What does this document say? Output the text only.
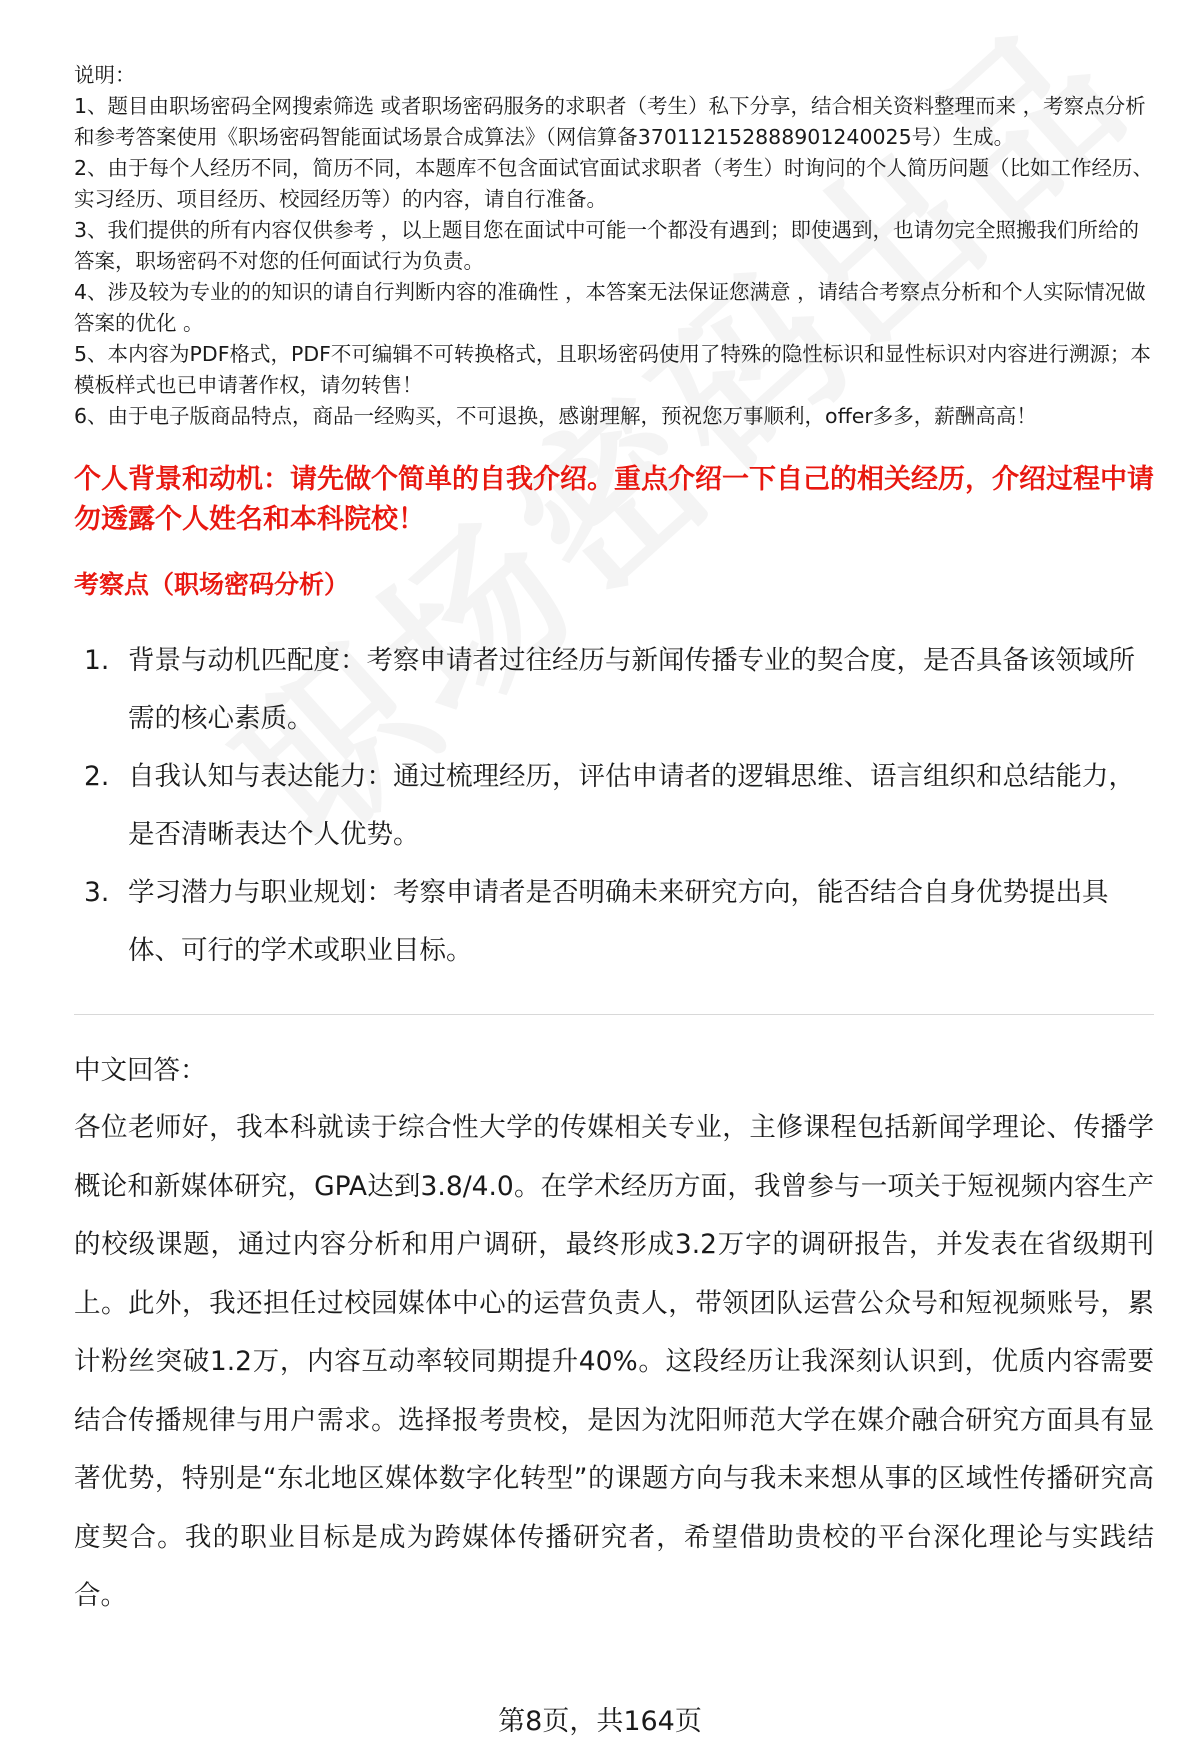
说明：

1、题目由职场密码全网搜索筛选 或者职场密码服务的求职者（考生）私下分享，结合相关资料整理而来 ，考察点分析和参考答案使用《职场密码智能面试场景合成算法》（网信算备370112152888901240025号）生成。

2、由于每个人经历不同，简历不同，本题库不包含面试官面试求职者（考生）时询问的个人简历问题（比如工作经历、实习经历、项目经历、校园经历等）的内容，请自行准备。

3、我们提供的所有内容仅供参考 ，以上题目您在面试中可能一个都没有遇到；即使遇到，也请勿完全照搬我们所给的答案，职场密码不对您的任何面试行为负责。

4、涉及较为专业的的知识的请自行判断内容的准确性 ，本答案无法保证您满意 ，请结合考察点分析和个人实际情况做答案的优化 。

5、本内容为PDF格式，PDF不可编辑不可转换格式，且职场密码使用了特殊的隐性标识和显性标识对内容进行溯源；本模板样式也已申请著作权，请勿转售！

6、由于电子版商品特点，商品一经购买，不可退换，感谢理解，预祝您万事顺利，offer多多，薪酬高高！

个人背景和动机：请先做个简单的自我介绍。重点介绍一下自己的相关经历，介绍过程中请勿透露个人姓名和本科院校！
考察点（职场密码分析）
1. 背景与动机匹配度：考察申请者过往经历与新闻传播专业的契合度，是否具备该领域所需的核心素质。
2. 自我认知与表达能力：通过梳理经历，评估申请者的逻辑思维、语言组织和总结能力，是否清晰表达个人优势。
3. 学习潜力与职业规划：考察申请者是否明确未来研究方向，能否结合自身优势提出具体、可行的学术或职业目标。
中文回答：
各位老师好，我本科就读于综合性大学的传媒相关专业，主修课程包括新闻学理论、传播学概论和新媒体研究，GPA达到3.8/4.0。在学术经历方面，我曾参与一项关于短视频内容生产的校级课题，通过内容分析和用户调研，最终形成3.2万字的调研报告，并发表在省级期刊上。此外，我还担任过校园媒体中心的运营负责人，带领团队运营公众号和短视频账号，累计粉丝突破1.2万，内容互动率较同期提升40%。这段经历让我深刻认识到，优质内容需要结合传播规律与用户需求。选择报考贵校，是因为沈阳师范大学在媒介融合研究方面具有显著优势，特别是“东北地区媒体数字化转型”的课题方向与我未来想从事的区域性传播研究高度契合。我的职业目标是成为跨媒体传播研究者，希望借助贵校的平台深化理论与实践结合。
第8页，共164页
